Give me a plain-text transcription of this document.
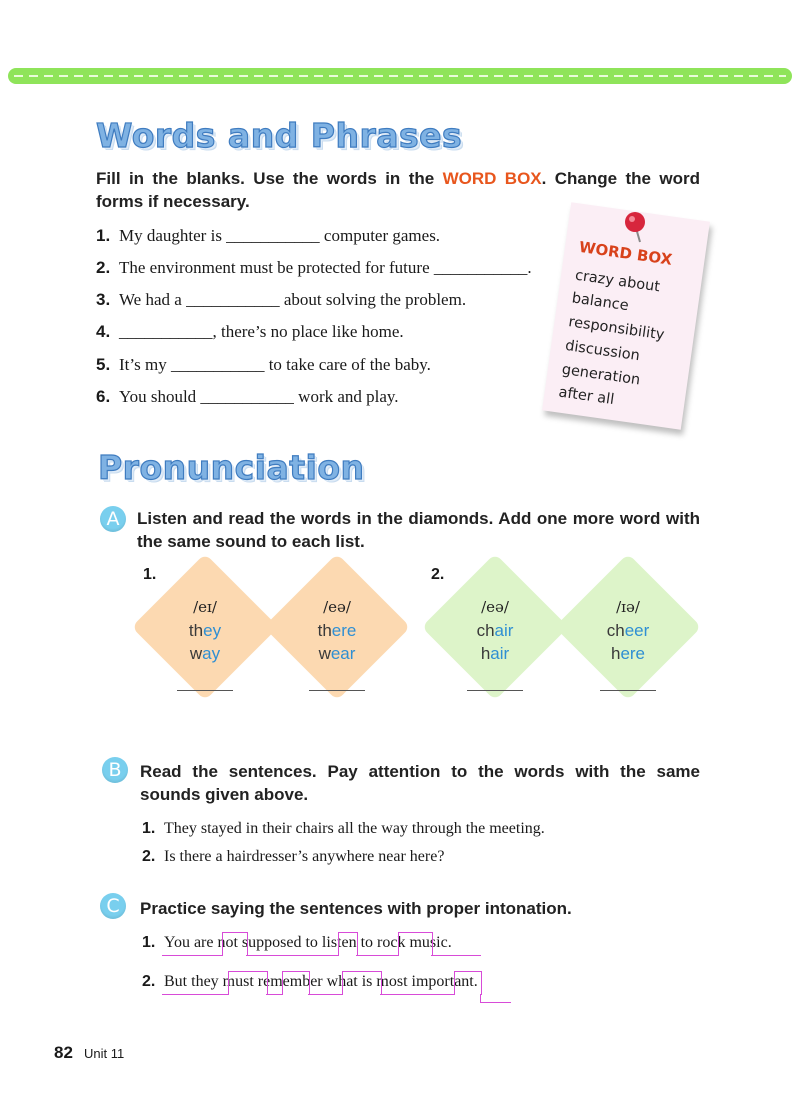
Words and Phrases
Fill in the blanks. Use the words in the WORD BOX. Change the word forms if necessary.
1. My daughter is ___________ computer games.
2. The environment must be protected for future ___________.
3. We had a ___________ about solving the problem.
4. ___________, there’s no place like home.
5. It’s my ___________ to take care of the baby.
6. You should ___________ work and play.
WORD BOX
crazy about
balance
responsibility
discussion
generation
after all
Pronunciation
A	Listen and read the words in the diamonds. Add one more word with the same sound to each list.
1.	2.
/eɪ/
they
way
/eə/
there
wear
/eə/
chair
hair
/ɪə/
cheer
here
B	Read the sentences. Pay attention to the words with the same sounds given above.
1. They stayed in their chairs all the way through the meeting.
2. Is there a hairdresser’s anywhere near here?
C	Practice saying the sentences with proper intonation.
1. You are not supposed to listen to rock music.
2. But they must remember what is most important.
82 Unit 11
